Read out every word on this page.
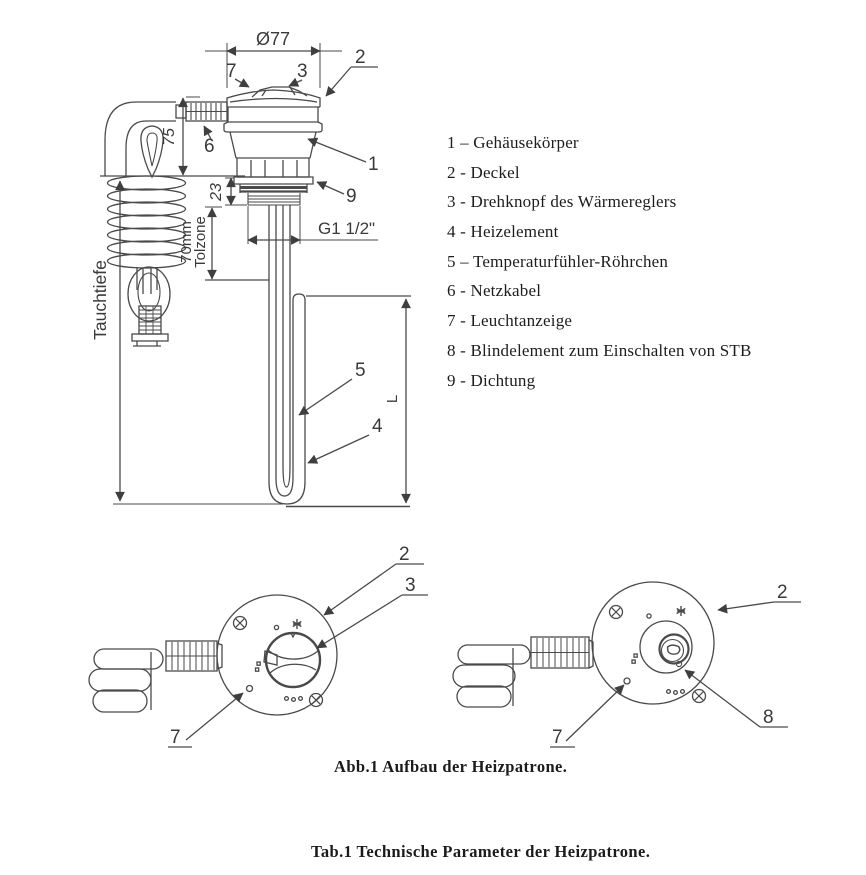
Ø77
75
23
70mm
Tolzone	G1 1/2"
Tauchtiefe
L
7	3
2
6
1
9
5
4
2
3
7
2
7
8
1 – Gehäusekörper
2 - Deckel
3 - Drehknopf des Wärmereglers
4 - Heizelement
5 – Temperaturfühler-Röhrchen
6 - Netzkabel
7 - Leuchtanzeige
8 - Blindelement zum Einschalten von STB
9 - Dichtung
Abb.1 Aufbau der Heizpatrone.
Tab.1 Technische Parameter der Heizpatrone.
